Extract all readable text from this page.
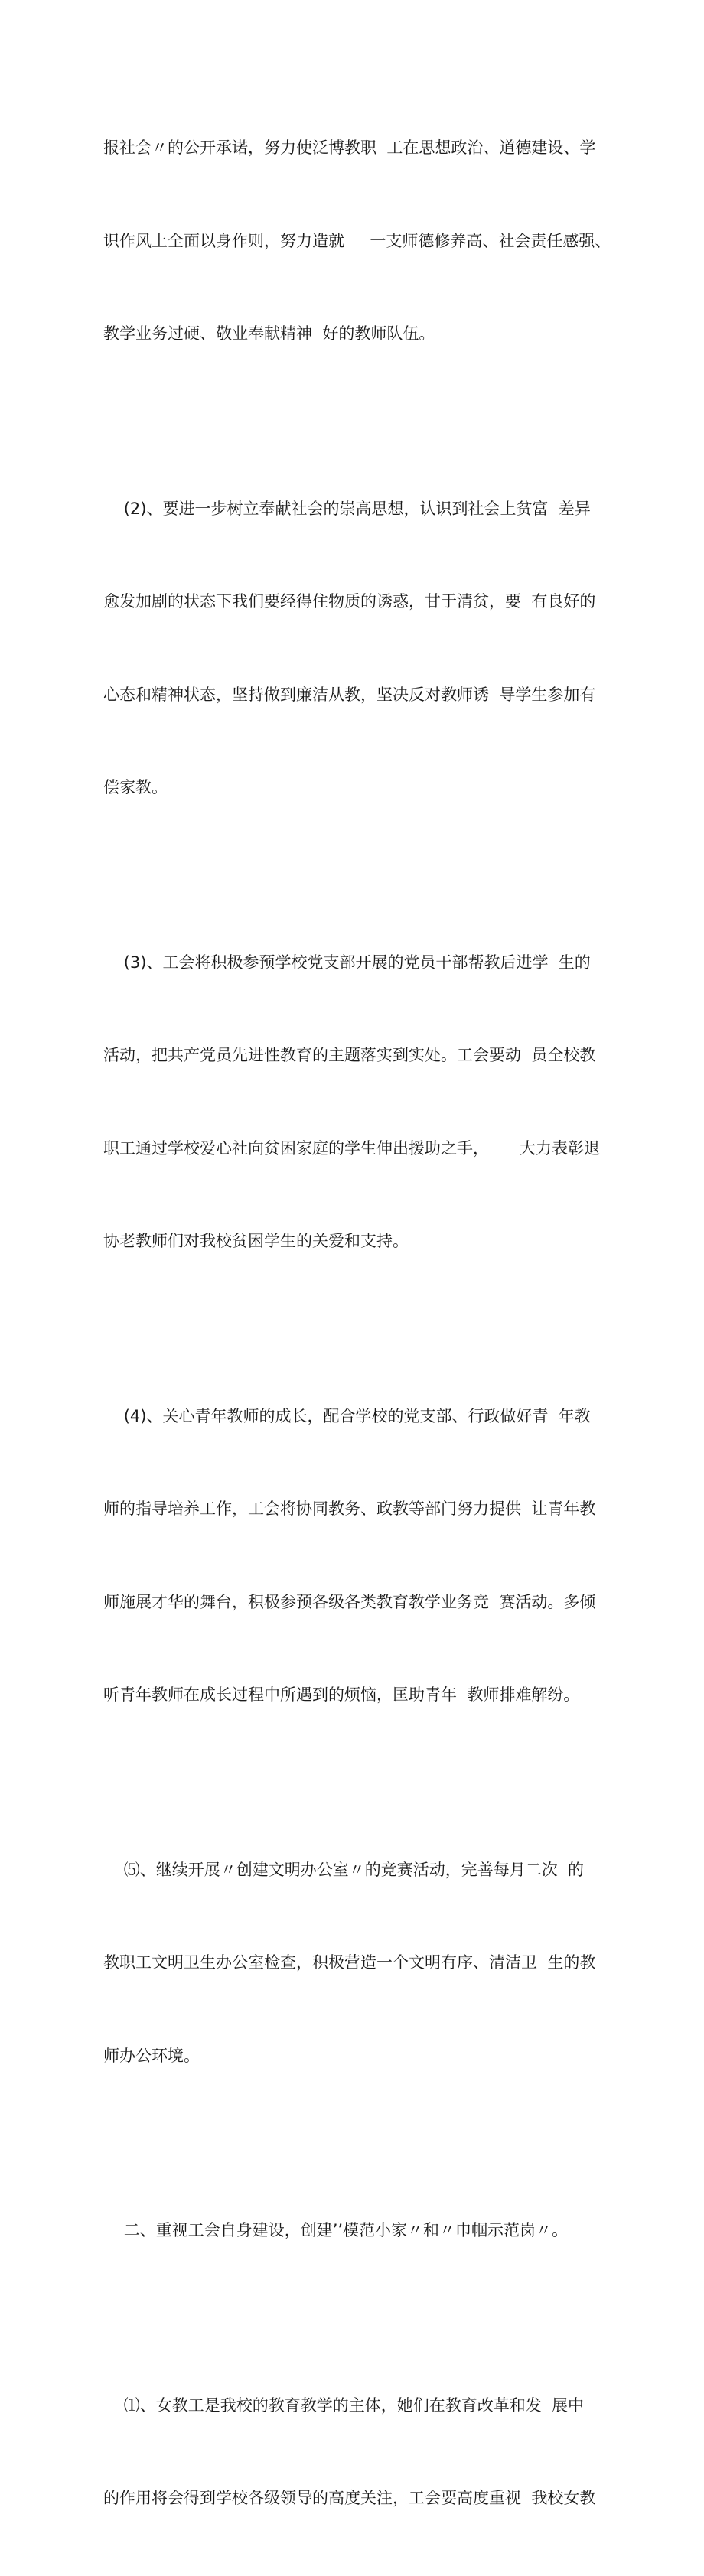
报社会〃的公开承诺，努力使泛博教职  工在思想政治、道德建设、学

识作风上全面以身作则，努力造就     一支师德修养高、社会责任感强、

教学业务过硬、敬业奉献精神  好的教师队伍。

(2)、要进一步树立奉献社会的崇高思想，认识到社会上贫富  差异

愈发加剧的状态下我们要经得住物质的诱惑，甘于清贫，要  有良好的

心态和精神状态，坚持做到廉洁从教，坚决反对教师诱  导学生参加有

偿家教。

(3)、工会将积极参预学校党支部开展的党员干部帮教后进学  生的

活动，把共产党员先进性教育的主题落实到实处。工会要动  员全校教

职工通过学校爱心社向贫困家庭的学生伸出援助之手，      大力表彰退

协老教师们对我校贫困学生的关爱和支持。

(4)、关心青年教师的成长，配合学校的党支部、行政做好青  年教

师的指导培养工作，工会将协同教务、政教等部门努力提供  让青年教

师施展才华的舞台，积极参预各级各类教育教学业务竞  赛活动。多倾

听青年教师在成长过程中所遇到的烦恼，匡助青年  教师排难解纷。

⑸、继续开展〃创建文明办公室〃的竞赛活动，完善每月二次  的

教职工文明卫生办公室检查，积极营造一个文明有序、清洁卫  生的教

师办公环境。

二、重视工会自身建设，创建’’模范小家〃和〃巾帼示范岗〃。

⑴、女教工是我校的教育教学的主体，她们在教育改革和发  展中

的作用将会得到学校各级领导的高度关注，工会要高度重视  我校女教
